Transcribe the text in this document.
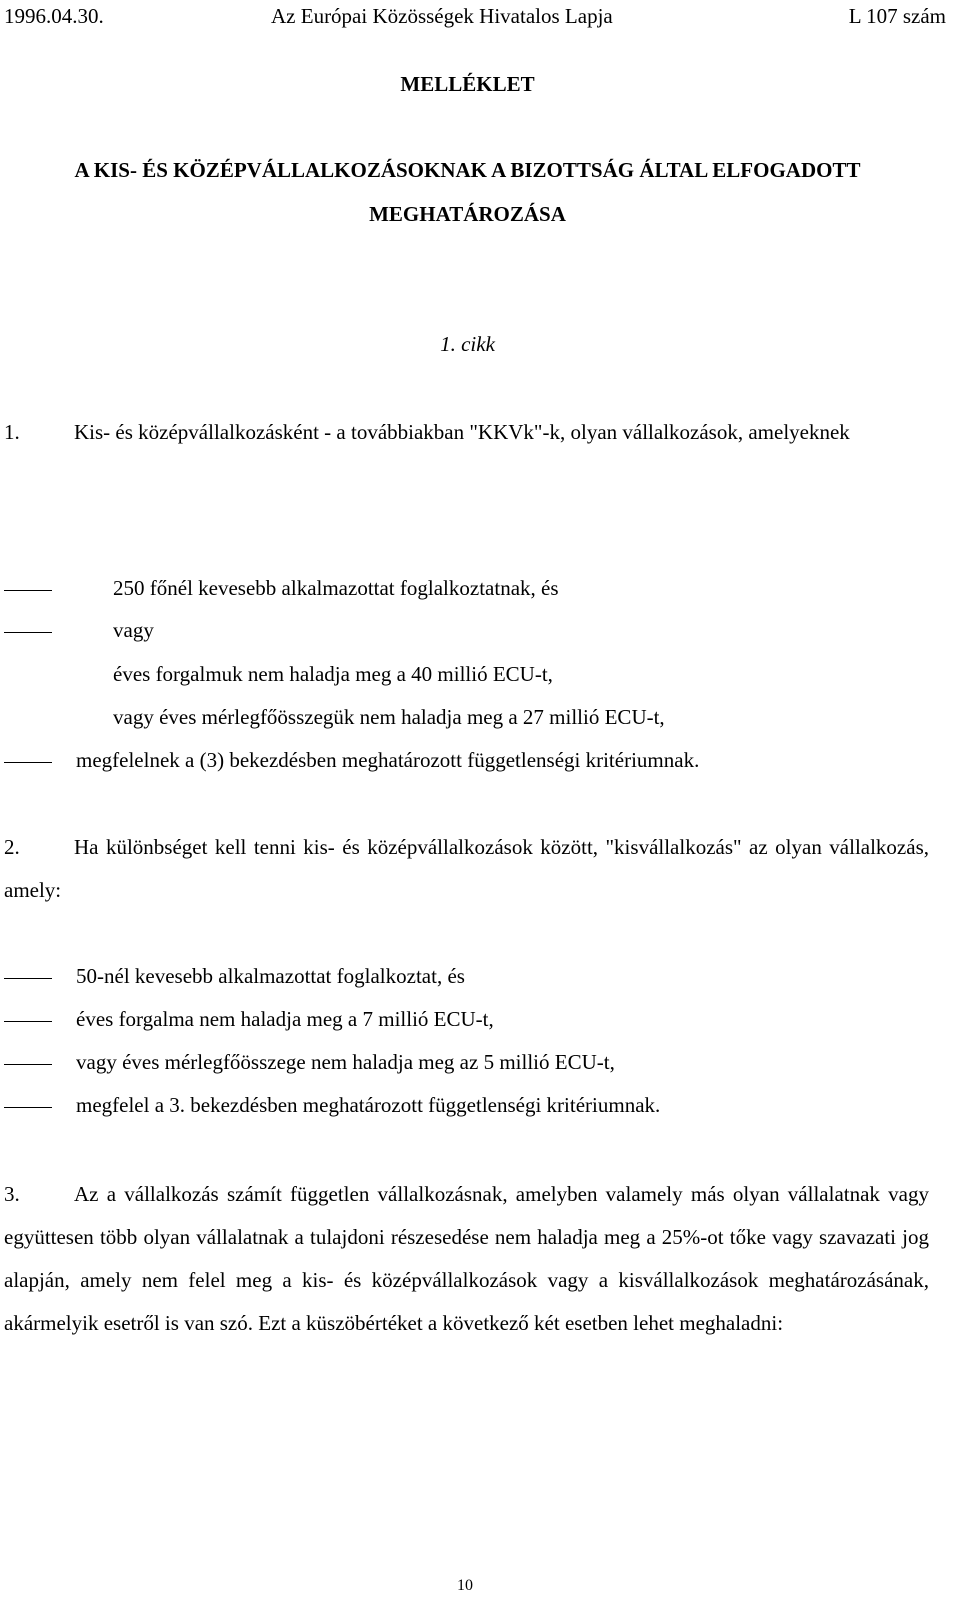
1996.04.30.	Az Európai Közösségek Hivatalos Lapja	L 107 szám
MELLÉKLET
A KIS- ÉS KÖZÉPVÁLLALKOZÁSOKNAK A BIZOTTSÁG ÁLTAL ELFOGADOTT
MEGHATÁROZÁSA
1. cikk
1.	Kis- és középvállalkozásként - a továbbiakban "KKVk"-k, olyan vállalkozások, amelyeknek
250 főnél kevesebb alkalmazottat foglalkoztatnak, és
vagy
éves forgalmuk nem haladja meg a 40 millió ECU-t,
vagy éves mérlegfőösszegük nem haladja meg a 27 millió ECU-t,
megfelelnek a (3) bekezdésben meghatározott függetlenségi kritériumnak.
2.	Ha különbséget kell tenni kis- és középvállalkozások között, "kisvállalkozás" az olyan vállalkozás, amely:
50-nél kevesebb alkalmazottat foglalkoztat, és
éves forgalma nem haladja meg a 7 millió ECU-t,
vagy éves mérlegfőösszege nem haladja meg az 5 millió ECU-t,
megfelel a 3. bekezdésben meghatározott függetlenségi kritériumnak.
3.	Az a vállalkozás számít független vállalkozásnak, amelyben valamely más olyan vállalatnak vagy együttesen több olyan vállalatnak a tulajdoni részesedése nem haladja meg a 25%-ot tőke vagy szavazati jog alapján, amely nem felel meg a kis- és középvállalkozások vagy a kisvállalkozások meghatározásának, akármelyik esetről is van szó. Ezt a küszöbértéket a következő két esetben lehet meghaladni:
10
